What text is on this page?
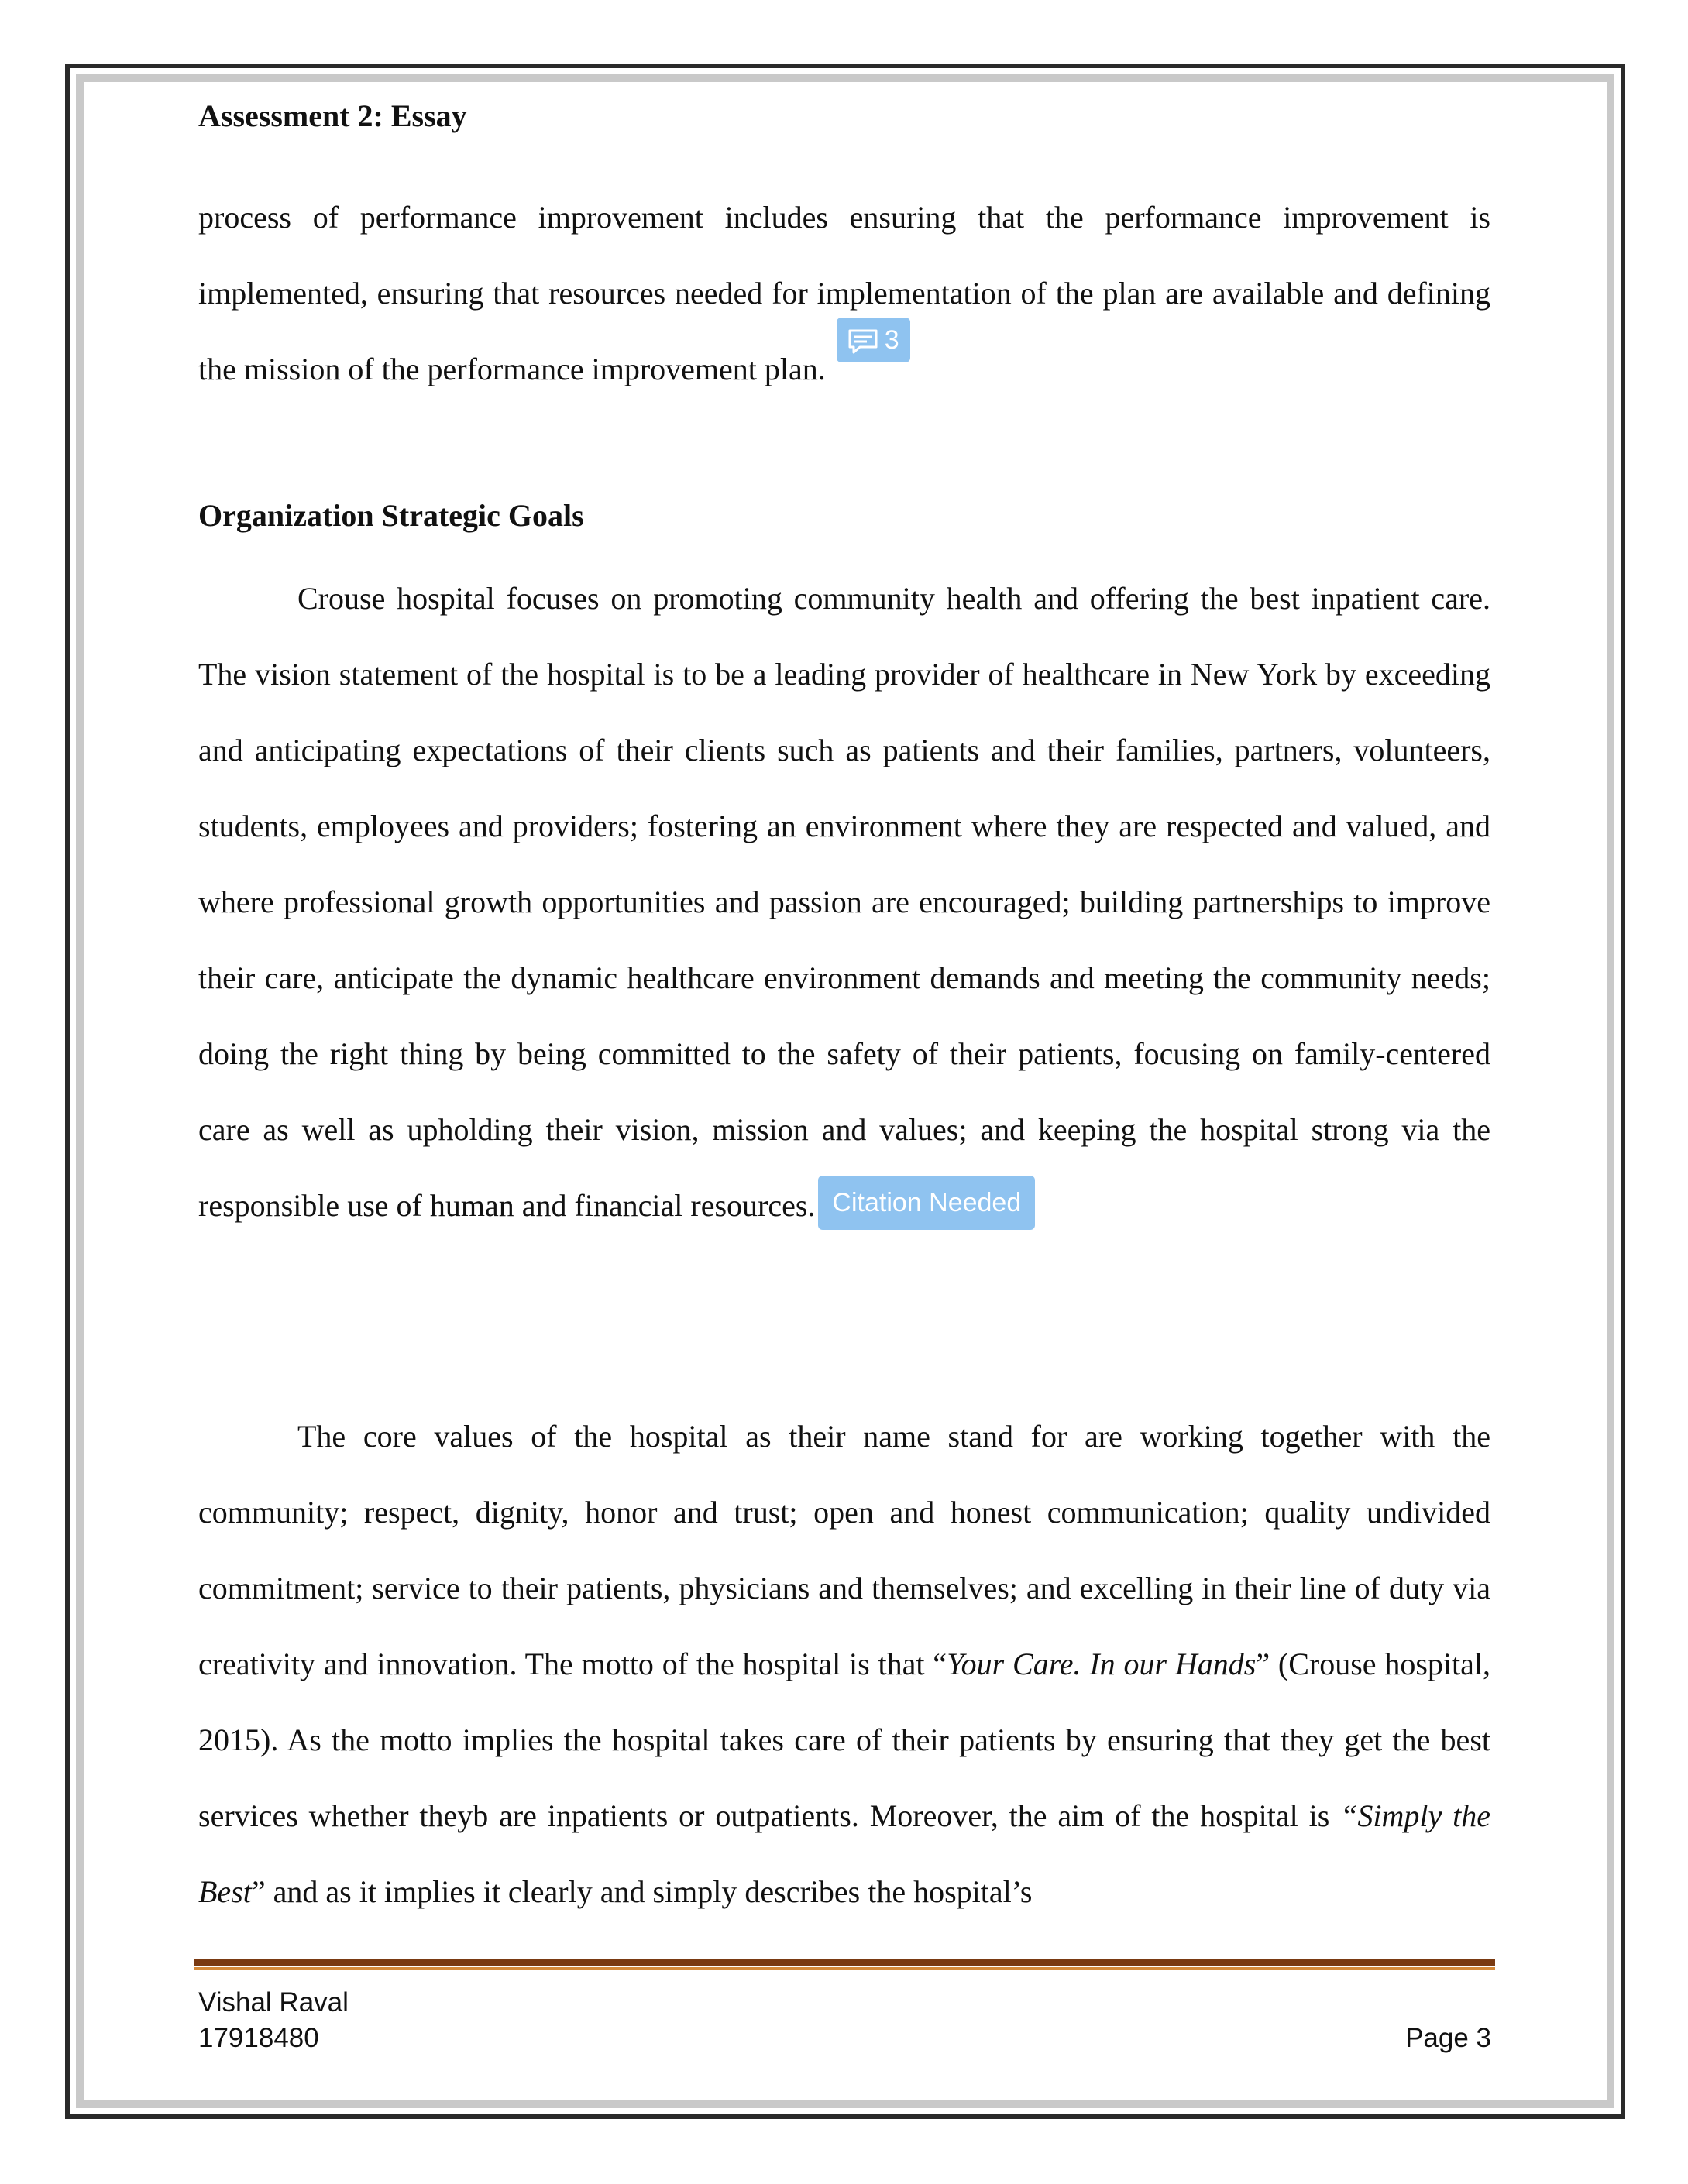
Assessment 2: Essay

process of performance improvement includes ensuring that the performance improvement is implemented, ensuring that resources needed for implementation of the plan are available and defining the mission of the performance improvement plan.3

Organization Strategic Goals

Crouse hospital focuses on promoting community health and offering the best inpatient care. The vision statement of the hospital is to be a leading provider of healthcare in New York by exceeding and anticipating expectations of their clients such as patients and their families, partners, volunteers, students, employees and providers; fostering an environment where they are respected and valued, and where professional growth opportunities and passion are encouraged; building partnerships to improve their care, anticipate the dynamic healthcare environment demands and meeting the community needs; doing the right thing by being committed to the safety of their patients, focusing on family-centered care as well as upholding their vision, mission and values; and keeping the hospital strong via the responsible use of human and financial resources. Citation Needed

The core values of the hospital as their name stand for are working together with the community; respect, dignity, honor and trust; open and honest communication; quality undivided commitment; service to their patients, physicians and themselves; and excelling in their line of duty via creativity and innovation. The motto of the hospital is that “Your Care. In our Hands” (Crouse hospital, 2015). As the motto implies the hospital takes care of their patients by ensuring that they get the best services whether theyb are inpatients or outpatients. Moreover, the aim of the hospital is “Simply the Best” and as it implies it clearly and simply describes the hospital’s

Vishal Raval
17918480	Page 3
